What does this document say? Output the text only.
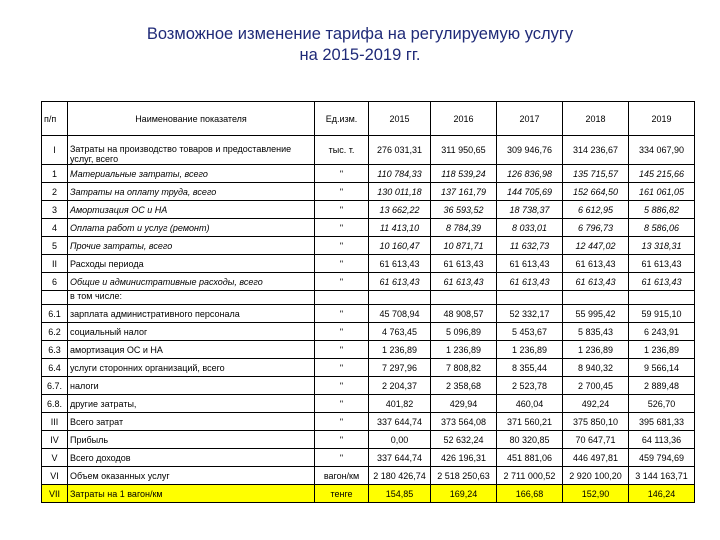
Возможное изменение тарифа на регулируемую услугу
на 2015-2019 гг.
п/п	Наименование показателя	Ед.изм.	2015	2016	2017	2018	2019
I	Затраты на производство товаров и предоставление услуг, всего	тыс. т.	276 031,31	311 950,65	309 946,76	314 236,67	334 067,90
1	Материальные затраты, всего	"	110 784,33	118 539,24	126 836,98	135 715,57	145 215,66
2	Затраты на оплату труда, всего	"	130 011,18	137 161,79	144 705,69	152 664,50	161 061,05
3	Амортизация ОС и НА	"	13 662,22	36 593,52	18 738,37	6 612,95	5 886,82
4	Оплата работ и услуг (ремонт)	"	11 413,10	8 784,39	8 033,01	6 796,73	8 586,06
5	Прочие затраты, всего	"	10 160,47	10 871,71	11 632,73	12 447,02	13 318,31
II	Расходы периода	"	61 613,43	61 613,43	61 613,43	61 613,43	61 613,43
6	Общие и административные расходы, всего	"	61 613,43	61 613,43	61 613,43	61 613,43	61 613,43
	в том числе:						
6.1	зарплата административного персонала	"	45 708,94	48 908,57	52 332,17	55 995,42	59 915,10
6.2	социальный налог	"	4 763,45	5 096,89	5 453,67	5 835,43	6 243,91
6.3	амортизация ОС и НА	"	1 236,89	1 236,89	1 236,89	1 236,89	1 236,89
6.4	услуги сторонних организаций, всего	"	7 297,96	7 808,82	8 355,44	8 940,32	9 566,14
6.7.	налоги	"	2 204,37	2 358,68	2 523,78	2 700,45	2 889,48
6.8.	другие затраты,	"	401,82	429,94	460,04	492,24	526,70
III	Всего затрат	"	337 644,74	373 564,08	371 560,21	375 850,10	395 681,33
IV	Прибыль	"	0,00	52 632,24	80 320,85	70 647,71	64 113,36
V	Всего доходов	"	337 644,74	426 196,31	451 881,06	446 497,81	459 794,69
VI	Объем оказанных услуг	вагон/км	2 180 426,74	2 518 250,63	2 711 000,52	2 920 100,20	3 144 163,71
VII	Затраты на 1 вагон/км	тенге	154,85	169,24	166,68	152,90	146,24
